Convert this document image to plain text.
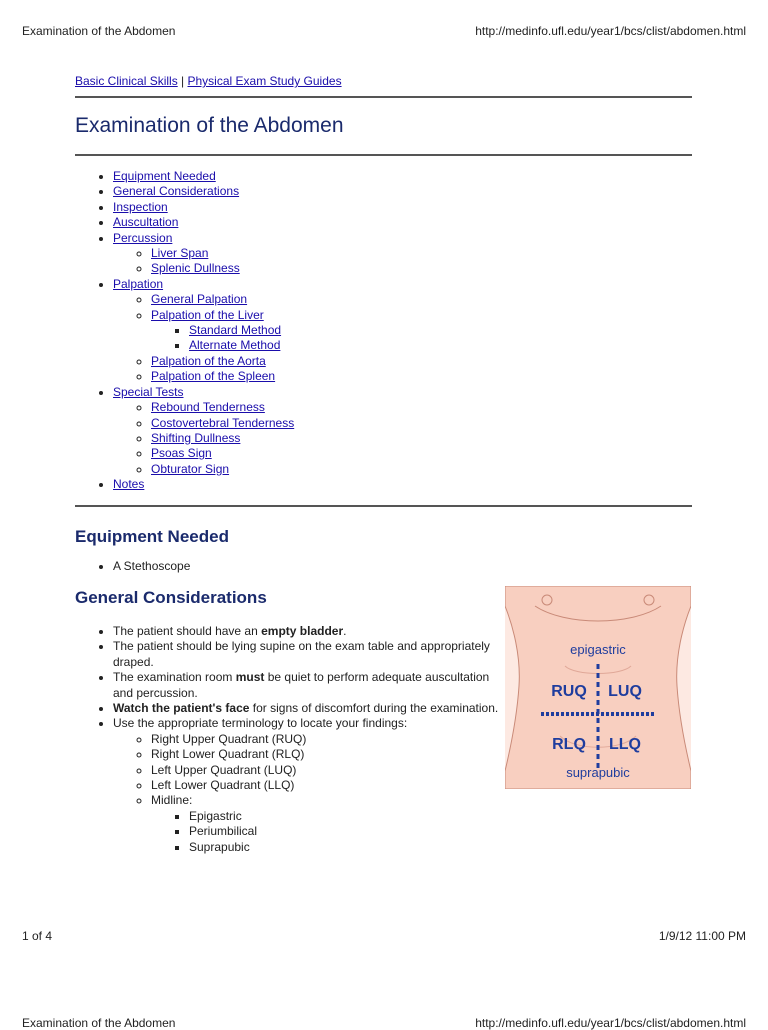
Examination of the Abdomen	http://medinfo.ufl.edu/year1/bcs/clist/abdomen.html
Basic Clinical Skills | Physical Exam Study Guides
Examination of the Abdomen
• Equipment Needed
• General Considerations
• Inspection
• Auscultation
• Percussion
◦ Liver Span
◦ Splenic Dullness
• Palpation
◦ General Palpation
◦ Palpation of the Liver
▪ Standard Method
▪ Alternate Method
◦ Palpation of the Aorta
◦ Palpation of the Spleen
• Special Tests
◦ Rebound Tenderness
◦ Costovertebral Tenderness
◦ Shifting Dullness
◦ Psoas Sign
◦ Obturator Sign
• Notes
Equipment Needed
• A Stethoscope
General Considerations
• The patient should have an empty bladder.
• The patient should be lying supine on the exam table and appropriately draped.
• The examination room must be quiet to perform adequate auscultation and percussion.
• Watch the patient's face for signs of discomfort during the examination.
• Use the appropriate terminology to locate your findings:
◦ Right Upper Quadrant (RUQ)
◦ Right Lower Quadrant (RLQ)
◦ Left Upper Quadrant (LUQ)
◦ Left Lower Quadrant (LLQ)
◦ Midline:
▪ Epigastric
▪ Periumbilical
▪ Suprapubic
epigastric
RUQ LUQ
RLQ LLQ
suprapubic
1 of 4	1/9/12 11:00 PM
Examination of the Abdomen	http://medinfo.ufl.edu/year1/bcs/clist/abdomen.html
